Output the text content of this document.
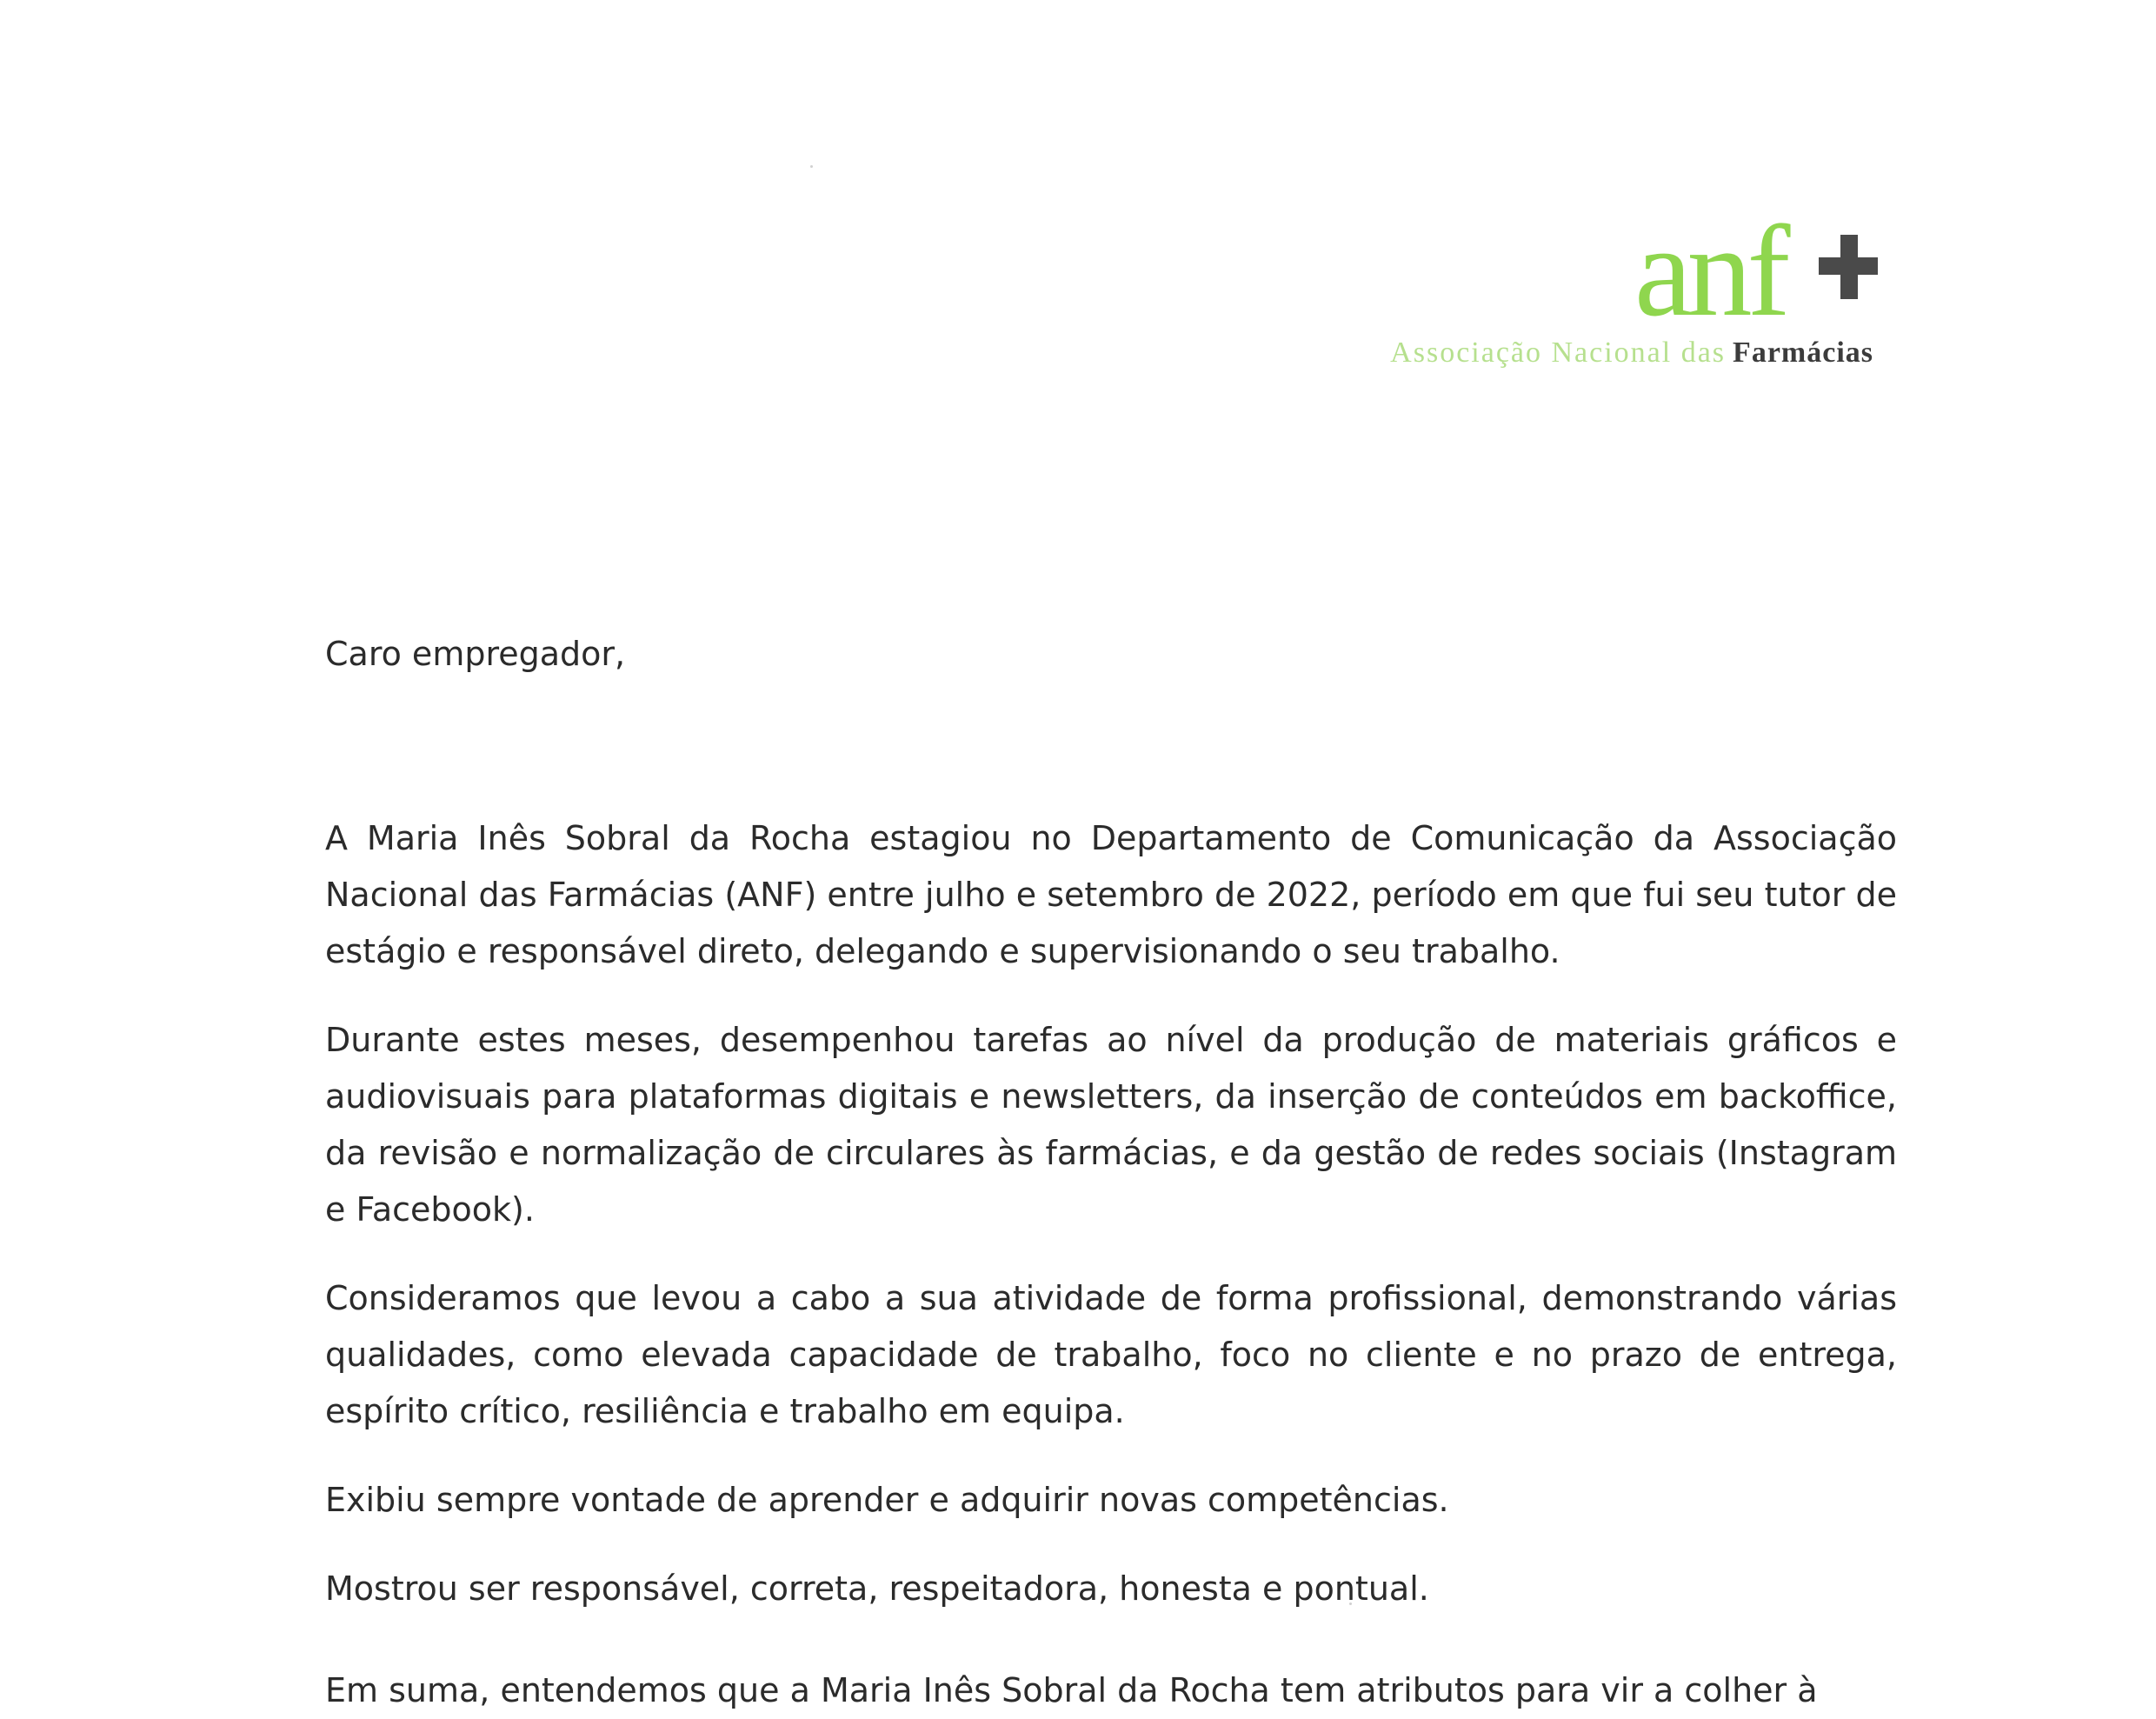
anf
Associação Nacional das Farmácias
Caro empregador,

A Maria Inês Sobral da Rocha estagiou no Departamento de Comunicação da Associação Nacional das Farmácias (ANF) entre julho e setembro de 2022, período em que fui seu tutor de estágio e responsável direto, delegando e supervisionando o seu trabalho.

Durante estes meses, desempenhou tarefas ao nível da produção de materiais gráficos e audiovisuais para plataformas digitais e newsletters, da inserção de conteúdos em backoffice, da revisão e normalização de circulares às farmácias, e da gestão de redes sociais (Instagram e Facebook).

Consideramos que levou a cabo a sua atividade de forma profissional, demonstrando várias qualidades, como elevada capacidade de trabalho, foco no cliente e no prazo de entrega, espírito crítico, resiliência e trabalho em equipa.

Exibiu sempre vontade de aprender e adquirir novas competências.

Mostrou ser responsável, correta, respeitadora, honesta e pontual.

Em suma, entendemos que a Maria Inês Sobral da Rocha tem atributos para vir a colher à
